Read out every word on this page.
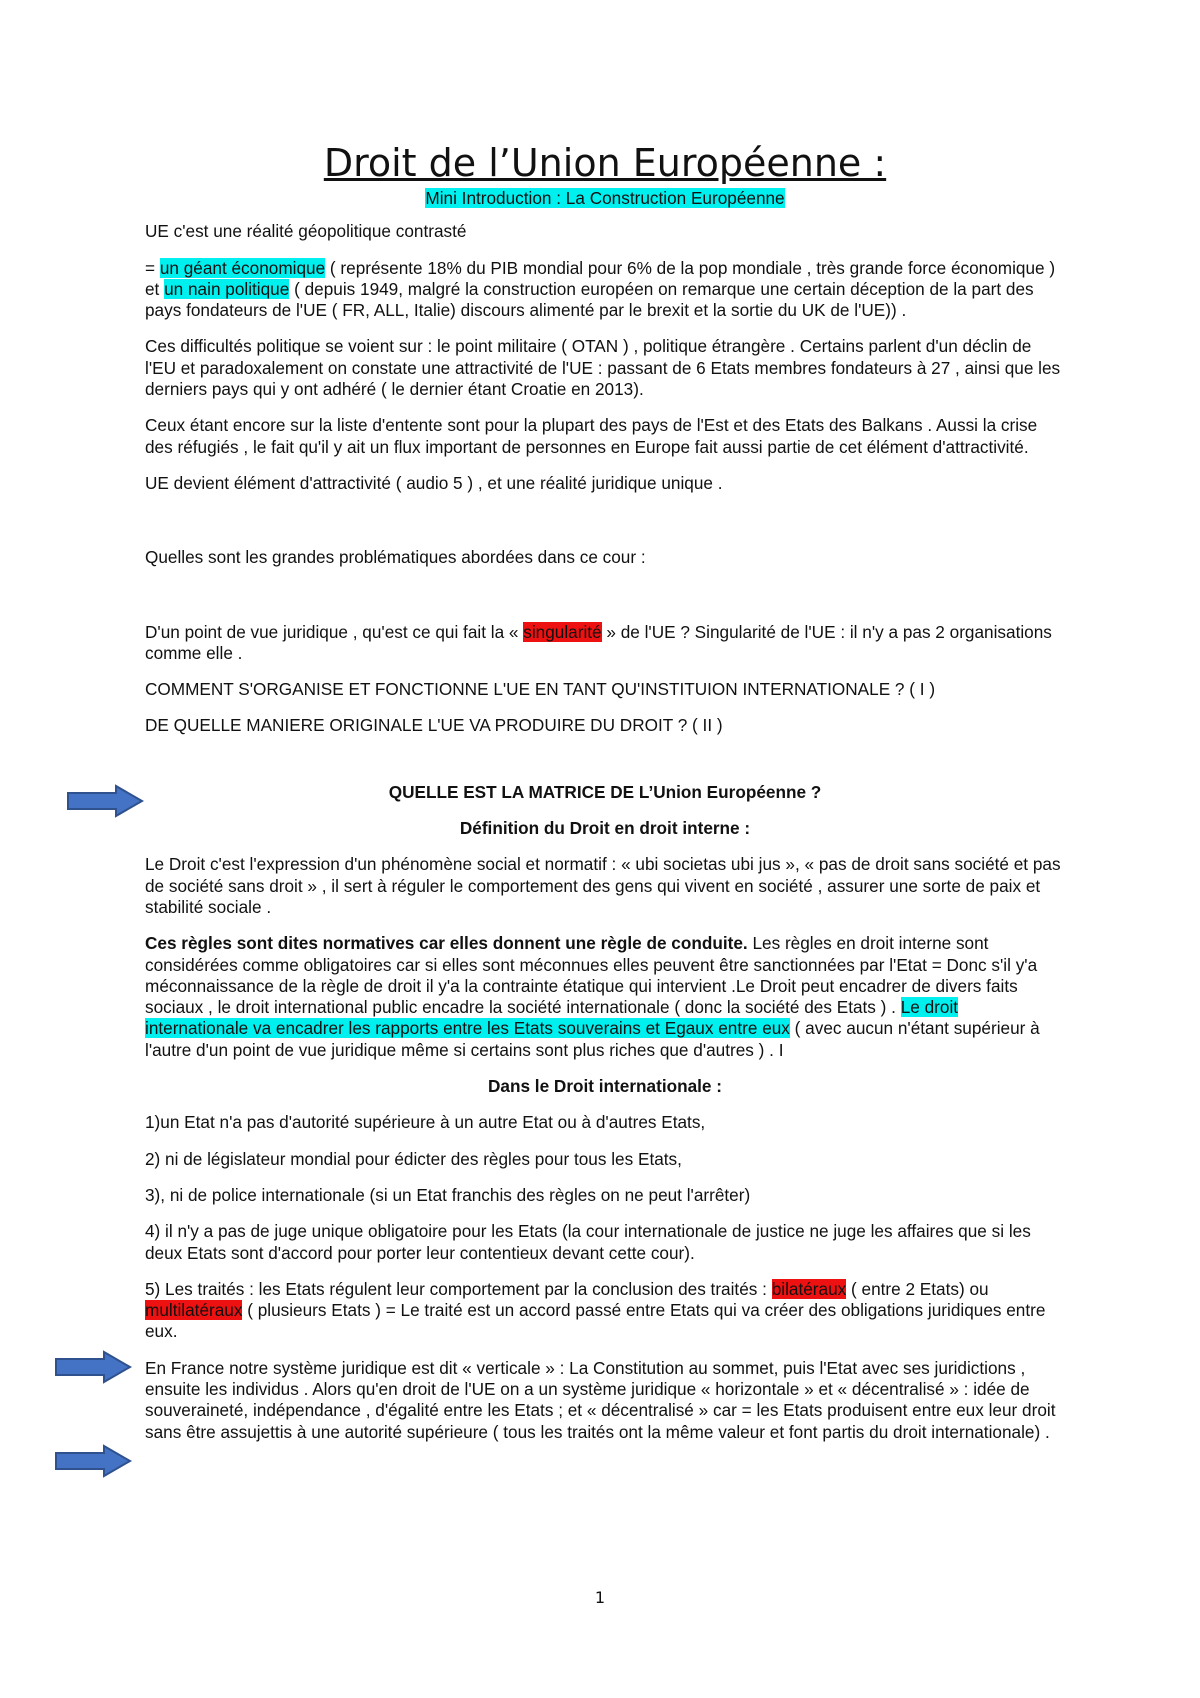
Droit de l’Union Européenne :
Mini Introduction : La Construction Européenne

UE c'est une réalité géopolitique contrasté

= un géant économique ( représente 18% du PIB mondial pour 6% de la pop mondiale , très grande force économique ) et un nain politique ( depuis 1949, malgré la construction européen on remarque une certain déception de la part des pays fondateurs de l'UE ( FR, ALL, Italie) discours alimenté par le brexit et la sortie du UK de l'UE)) .

Ces difficultés politique se voient sur : le point militaire ( OTAN ) , politique étrangère . Certains parlent d'un déclin de l'EU et paradoxalement on constate une attractivité de l'UE : passant de 6 Etats membres fondateurs à 27 , ainsi que les derniers pays qui y ont adhéré ( le dernier étant Croatie en 2013).

Ceux étant encore sur la liste d'entente sont pour la plupart des pays de l'Est et des Etats des Balkans . Aussi la crise des réfugiés , le fait qu'il y ait un flux important de personnes en Europe fait aussi partie de cet élément d'attractivité.

UE devient élément d'attractivité ( audio 5 ) , et une réalité juridique unique .

Quelles sont les grandes problématiques abordées dans ce cour :

D'un point de vue juridique , qu'est ce qui fait la « singularité » de l'UE ? Singularité de l'UE : il n'y a pas 2 organisations comme elle .

COMMENT S'ORGANISE ET FONCTIONNE L'UE EN TANT QU'INSTITUION INTERNATIONALE ? ( I )

DE QUELLE MANIERE ORIGINALE L'UE VA PRODUIRE DU DROIT ? ( II )

QUELLE EST LA MATRICE DE L’Union Européenne ?

Définition du Droit en droit interne :

Le Droit c'est l'expression d'un phénomène social et normatif : « ubi societas ubi jus », « pas de droit sans société et pas de société sans droit » , il sert à réguler le comportement des gens qui vivent en société , assurer une sorte de paix et stabilité sociale .

Ces règles sont dites normatives car elles donnent une règle de conduite. Les règles en droit interne sont considérées comme obligatoires car si elles sont méconnues elles peuvent être sanctionnées par l'Etat = Donc s'il y'a méconnaissance de la règle de droit il y'a la contrainte étatique qui intervient .Le Droit peut encadrer de divers faits sociaux , le droit international public encadre la société internationale ( donc la société des Etats ) . Le droit internationale va encadrer les rapports entre les Etats souverains et Egaux entre eux ( avec aucun n'étant supérieur à l'autre d'un point de vue juridique même si certains sont plus riches que d'autres ) . I

Dans le Droit internationale :

1)un Etat n'a pas d'autorité supérieure à un autre Etat ou à d'autres Etats,

2) ni de législateur mondial pour édicter des règles pour tous les Etats,

3), ni de police internationale (si un Etat franchis des règles on ne peut l'arrêter)

4) il n'y a pas de juge unique obligatoire pour les Etats (la cour internationale de justice ne juge les affaires que si les deux Etats sont d'accord pour porter leur contentieux devant cette cour).

5) Les traités : les Etats régulent leur comportement par la conclusion des traités : bilatéraux ( entre 2 Etats) ou multilatéraux ( plusieurs Etats ) = Le traité est un accord passé entre Etats qui va créer des obligations juridiques entre eux.

En France notre système juridique est dit « verticale » : La Constitution au sommet, puis l'Etat avec ses juridictions , ensuite les individus . Alors qu'en droit de l'UE on a un système juridique « horizontale » et « décentralisé » : idée de souveraineté, indépendance , d'égalité entre les Etats ; et « décentralisé » car = les Etats produisent entre eux leur droit sans être assujettis à une autorité supérieure ( tous les traités ont la même valeur et font partis du droit internationale) .

1
